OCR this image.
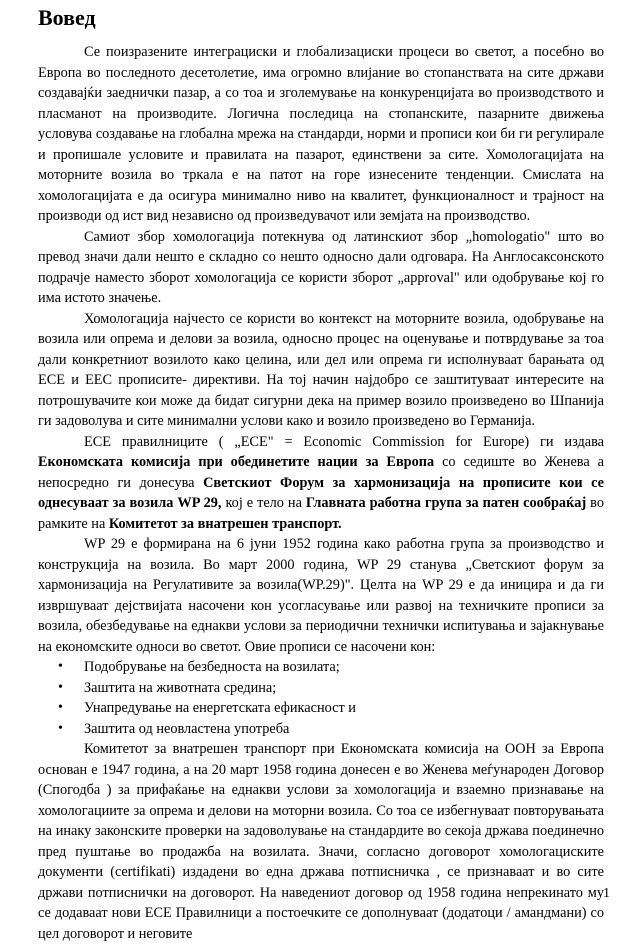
Вовед

Се поизразените интеграциски и глобализациски процеси во светот, а посебно во Европа во последното десетолетие, има огромно влијание во стопанствата на сите држави создавајќи заеднички пазар, а со тоа и зголемување на конкуренцијата во производството и пласманот на производите. Логична последица на стопанските, пазарните движења условува создавање на глобална мрежа на стандарди, норми и прописи кои би ги регулирале и пропишале условите и правилата на пазарот, единствени за сите. Хомологацијата на моторните возила во тркала е на патот на горе изнесените тенденции. Смислата на хомологацијата е да осигура минимално ниво на квалитет, функционалност и трајност на производи од ист вид независно од произведувачот или земјата на производство.

Самиот збор хомологација потекнува од латинскиот збор „homologatio" што во превод значи дали нешто е складно со нешто односно дали одговара. На Англосаксонското подрачје наместо зборот хомологација се користи зборот „approval" или одобрување кој го има истото значење.

Хомологација најчесто се користи во контекст на моторните возила, одобрување на возила или опрема и делови за возила, односно процес на оценување и потврдување за тоа дали конкретниот возилото како целина, или дел или опрема ги исполнуваат барањата од ЕСЕ и ЕЕС прописите- директиви. На тој начин најдобро се заштитуваат интересите на потрошувачите кои може да бидат сигурни дека на пример возило произведено во Шпанија ги задоволува и сите минимални услови како и возило произведено во Германија.

ЕСЕ правилниците ( „ECE" = Economic Commission for Europe) ги издава Економската комисија при обединетите нации за Европа со седиште во Женева а непосредно ги донесува Светскиот Форум за хармонизација на прописите кои се однесуваат за возила WP 29, кој е тело на Главната работна група за патен сообраќај во рамките на Комитетот за внатрешен транспорт.

WP 29 е формирана на 6 јуни 1952 година како работна група за производство и конструкција на возила. Во март 2000 година, WP 29 станува „Светскиот форум за хармонизација на Регулативите за возила(WP.29)". Целта на WP 29 е да иницира и да ги извршуваат дејствијата насочени кон усогласување или развој на техничките прописи за возила, обезбедување на еднакви услови за периодични технички испитувања и зајакнување на економските односи во светот. Овие прописи се насочени кон:

• Подобрување на безбедноста на возилата;
• Заштита на животната средина;
• Унапредување на енергетската ефикасност и
• Заштита од неовластена употреба

Комитетот за внатрешен транспорт при Економската комисија на ООН за Европа основан е 1947 година, а на 20 март 1958 година донесен е во Женева меѓународен Договор (Спогодба ) за прифаќање на еднакви услови за хомологација и взаемно признавање на хомологациите за опрема и делови на моторни возила. Со тоа се избегнуваат повторувањата на инаку законските проверки на задоволување на стандардите во секоја држава поединечно пред пуштање во продажба на возилата. Значи, согласно договорот хомологациските документи (certifikati) издадени во една држава потписничка , се признаваат и во сите држави потписнички на договорот. На наведениот договор од 1958 година непрекинато му се додаваат нови ЕСЕ Правилници а постоечките се дополнуваат (додатоци / амандмани) со цел договорот и неговите

1
